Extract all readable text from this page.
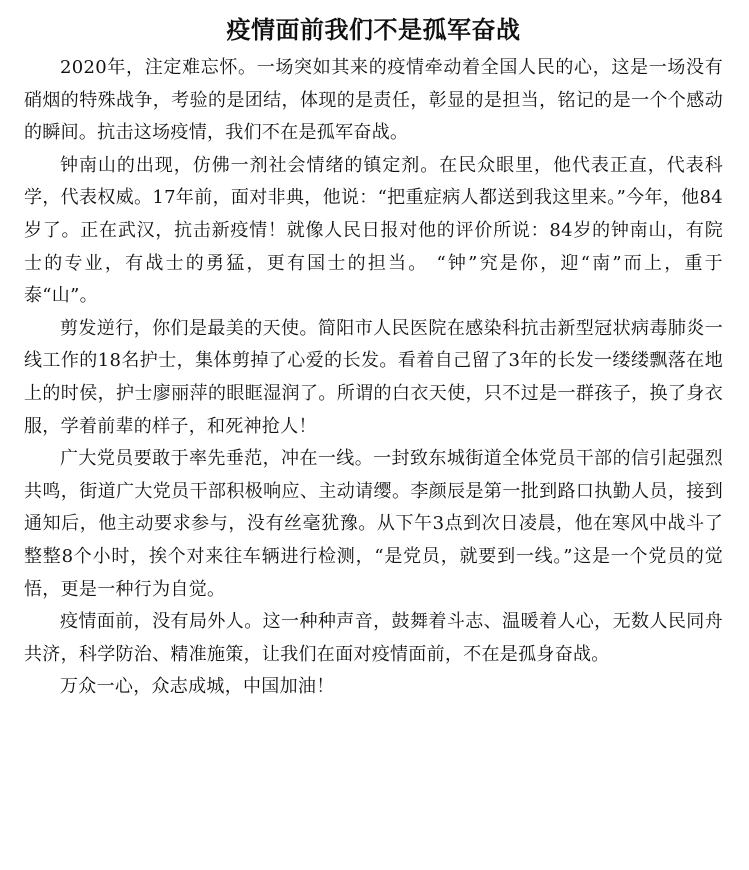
疫情面前我们不是孤军奋战

2020年，注定难忘怀。一场突如其来的疫情牵动着全国人民的心，这是一场没有硝烟的特殊战争，考验的是团结，体现的是责任，彰显的是担当，铭记的是一个个感动的瞬间。抗击这场疫情，我们不在是孤军奋战。

钟南山的出现，仿佛一剂社会情绪的镇定剂。在民众眼里，他代表正直，代表科学，代表权威。17年前，面对非典，他说：“把重症病人都送到我这里来。”今年，他84岁了。正在武汉，抗击新疫情！就像人民日报对他的评价所说：84岁的钟南山，有院士的专业，有战士的勇猛，更有国士的担当。 “钟”究是你，迎“南”而上，重于泰“山”。

剪发逆行，你们是最美的天使。简阳市人民医院在感染科抗击新型冠状病毒肺炎一线工作的18名护士，集体剪掉了心爱的长发。看着自己留了3年的长发一缕缕飘落在地上的时侯，护士廖丽萍的眼眶湿润了。所谓的白衣天使，只不过是一群孩子，换了身衣服，学着前辈的样子，和死神抢人！

广大党员要敢于率先垂范，冲在一线。一封致东城街道全体党员干部的信引起强烈共鸣，街道广大党员干部积极响应、主动请缨。李颜辰是第一批到路口执勤人员，接到通知后，他主动要求参与，没有丝毫犹豫。从下午3点到次日凌晨，他在寒风中战斗了整整8个小时，挨个对来往车辆进行检测，“是党员，就要到一线。”这是一个党员的觉悟，更是一种行为自觉。

疫情面前，没有局外人。这一种种声音，鼓舞着斗志、温暖着人心，无数人民同舟共济，科学防治、精准施策，让我们在面对疫情面前，不在是孤身奋战。

万众一心，众志成城，中国加油！
